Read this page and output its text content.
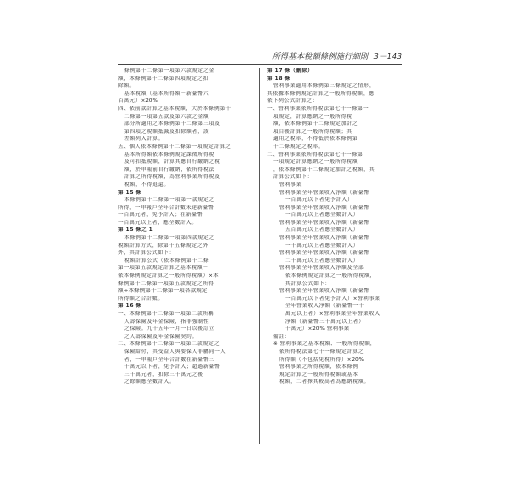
所得基本稅額條例施行細則 3－143
條例第十二條第一項第六款規定之金
額，本條例第十二條第四項規定之扣
除額。
基本稅額（基本所得額－新臺幣六
百萬元）×20%
四、依前款計算之基本稅額，大於本條例第十
二條第一項第五款及第六款之金額
部分所適用之本條例第十二條第三項及
第四項之稅額抵減及扣除額者，該
差額列入計算。
五、個人依本條例第十二條第一項規定計算之
基本所得額依本條例規定課徵所得稅
及可扣抵稅額，計算其應自行繳納之稅
額，於申報前自行繳納，依所得稅法
計算之所得稅額，為營利事業所得稅及
稅額，不得退還。
第 15 條
本條例第十二條第一項第一款規定之
所得，一申報戶全年合計數未達新臺幣
一百萬元者，免予計入；在新臺幣
一百萬元以上者，應全數計入。
第 15 條之 1
本條例第十二條第一項第四款規定之
稅額計算方式，除第十五條規定之外
外，其計算公式如下：
稅額計算公式（依本條例第十二條
第一項第五款規定計算之基本稅額－
依本條例規定計算之一般所得稅額）×本
條例第十二條第一項第五款規定之所得
額÷本條例第十二條第一項各款規定
所得額之合計數。
第 16 條
一、本條例第十二條第一項第二款所稱
人壽保險及年金保險，指非強制性
之保險。九十五年一月一日以後訂立
之人壽保險及年金保險契約。
二、本條例第十二條第一項第二款規定之
保險給付，其受益人與要保人非屬同一人
者，一申報戶全年合計數在新臺幣三
千萬元以下者，免予計入；超過新臺幣
三千萬元者，扣除三千萬元之後
之餘額應全數計入。
第 17 條（刪除）
第 18 條
營利事業適用本條例第三條規定之情形，
其依據本條例規定計算之一般所得稅額，應
依下列公式計算之：
一、營利事業依所得稅法第七十一條第一
項規定，計算應納之一般所得稅
額，依本條例第十二條規定加計之
項目後計算之一般所得稅額；其
適用之稅率，不得低於依本條例第
十二條規定之稅率。
二、營利事業依所得稅法第七十一條第
一項規定計算應納之一般所得稅額
，依本條例第十二條規定加計之稅額，其
計算公式如下：
營利事業
營利事業全年營業收入淨額（新臺幣
一百萬元以下者免予計入）
營利事業全年營業收入淨額（新臺幣
一百萬元以上者應全數計入）
營利事業全年營業收入淨額（新臺幣
五百萬元以上者應全數計入）
營利事業全年營業收入淨額（新臺幣
一千萬元以上者應全數計入）
營利事業全年營業收入淨額（新臺幣
二千萬元以上者應全數計入）
營利事業全年營業收入淨額及全部
依本條例規定計算之一般所得稅額，
其計算公式如下：
營利事業全年營業收入淨額（新臺幣
一百萬元以下者免予計入）×營利事業
全年營業收入淨額（新臺幣一千
萬元以上者）×營利事業全年營業收入
淨額（新臺幣三千萬元以上者）
十萬元）×20% 營利事業
備註：
※ 營利事業之基本稅額、一般所得稅額，
依所得稅法第七十一條規定計算之
所得額（不包括免稅所得）×20%
營利事業之所得稅額，依本條例
規定計算之一般所得稅額或基本
稅額，二者擇其較高者為應納稅額。
